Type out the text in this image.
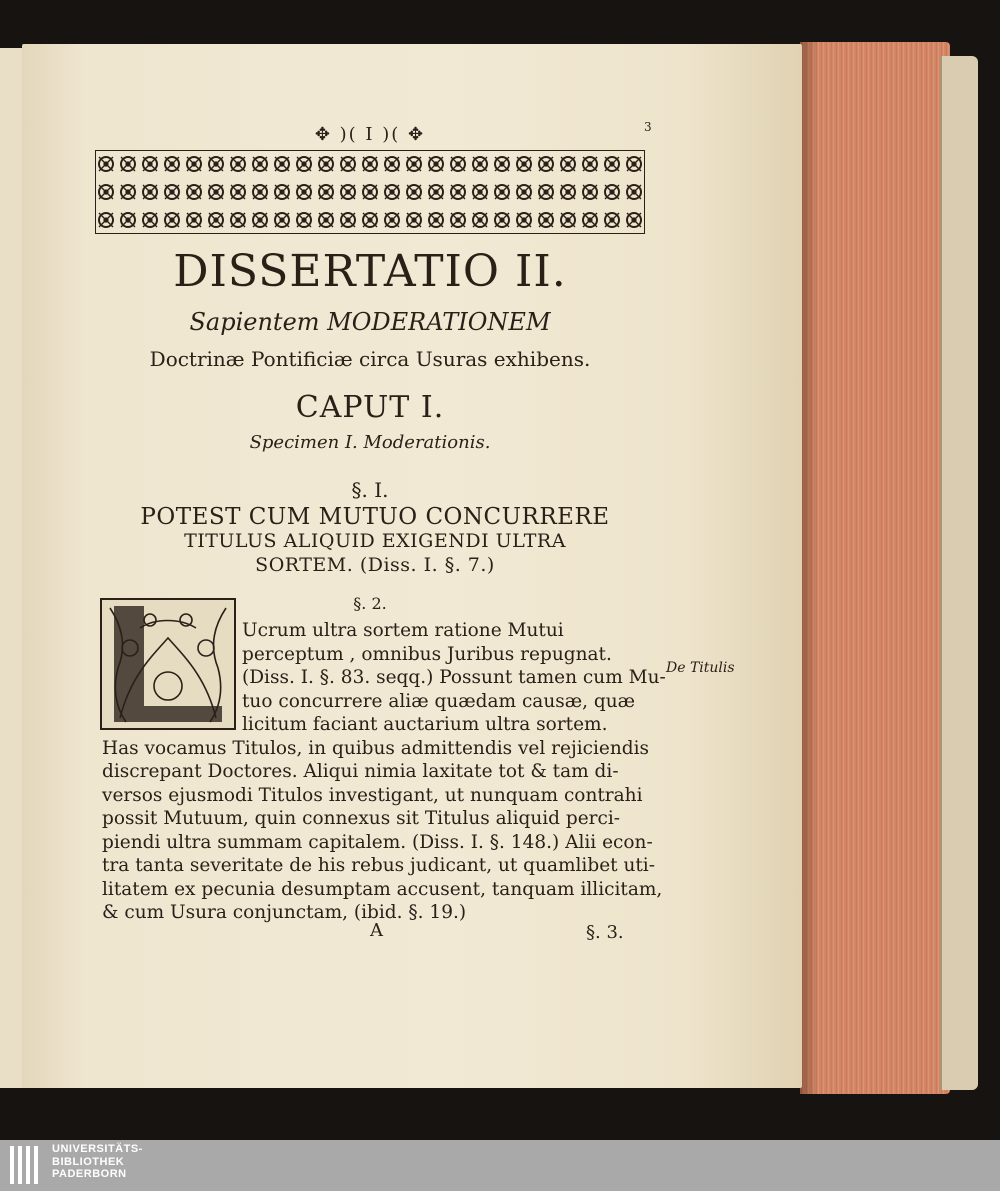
✥ )( I )( ✥	3
DISSERTATIO II.
Sapientem MODERATIONEM
Doctrinæ Pontificiæ circa Usuras exhibens.
CAPUT I.
Specimen I. Moderationis.
§. I.
POTEST CUM MUTUO CONCURRERE
TITULUS ALIQUID EXIGENDI ULTRA
SORTEM. (Diss. I. §. 7.)
§. 2.
Ucrum ultra sortem ratione Mutui
perceptum , omnibus Juribus repugnat.
(Diss. I. §. 83. seqq.) Possunt tamen cum Mu-
tuo concurrere aliæ quædam causæ, quæ
licitum faciant auctarium ultra sortem.
Has vocamus Titulos, in quibus admittendis vel rejiciendis
discrepant Doctores. Aliqui nimia laxitate tot & tam di-
versos ejusmodi Titulos investigant, ut nunquam contrahi
possit Mutuum, quin connexus sit Titulus aliquid perci-
piendi ultra summam capitalem. (Diss. I. §. 148.) Alii econ-
tra tanta severitate de his rebus judicant, ut quamlibet uti-
litatem ex pecunia desumptam accusent, tanquam illicitam,
& cum Usura conjunctam, (ibid. §. 19.)
De Titulis
A	§. 3.
UNIVERSITÄTS-
BIBLIOTHEK
PADERBORN
